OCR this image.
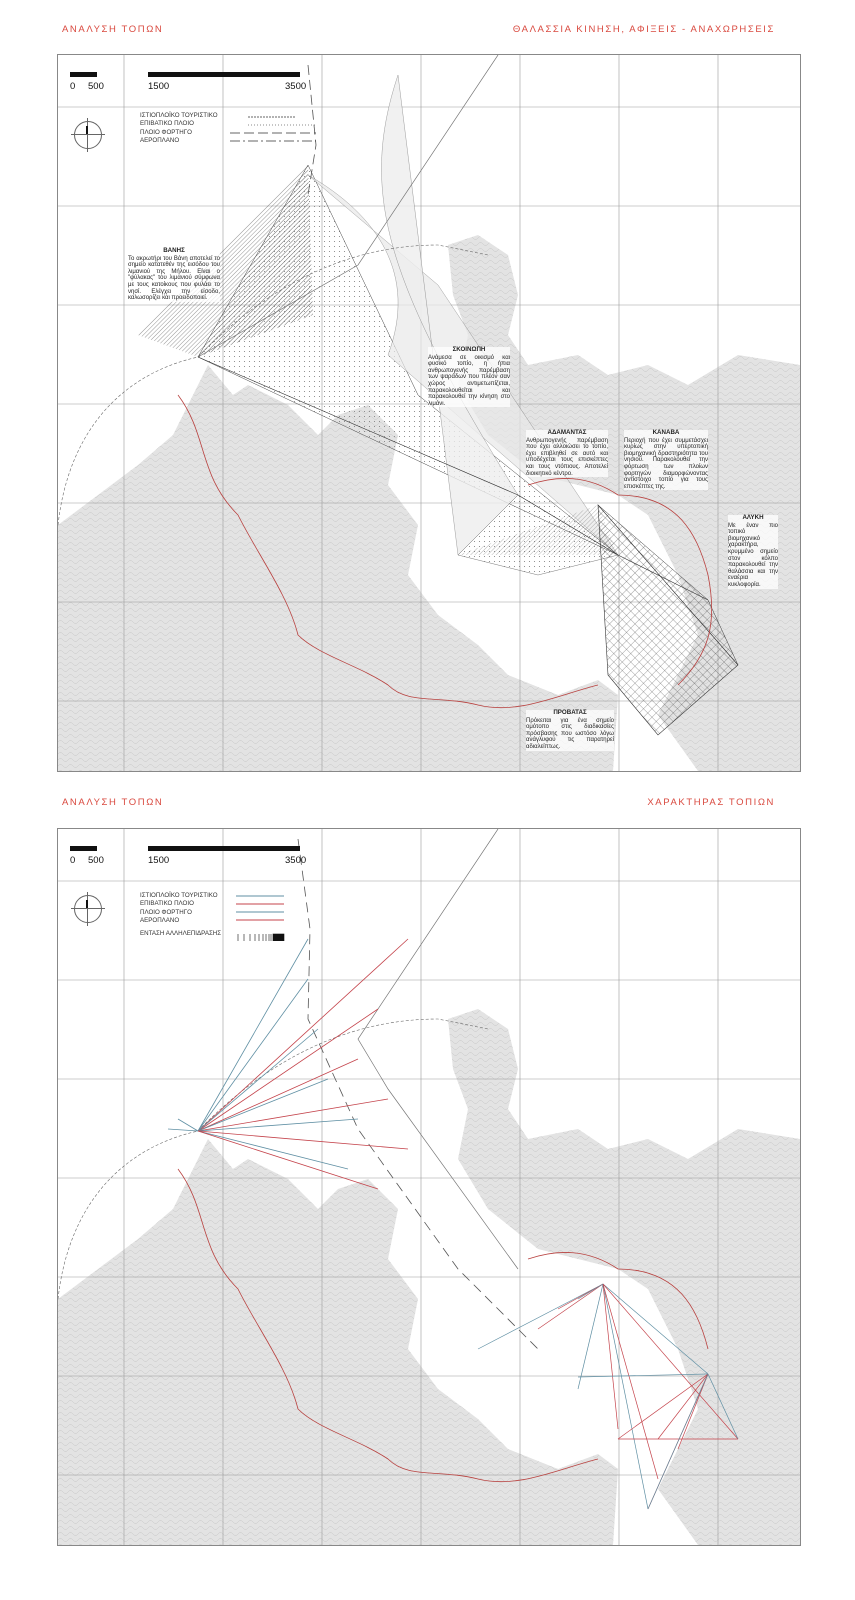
ΑΝΑΛΥΣΗ ΤΟΠΩΝ	ΘΑΛΑΣΣΙΑ ΚΙΝΗΣΗ, ΑΦΙΞΕΙΣ - ΑΝΑΧΩΡΗΣΕΙΣ
0 500	1500	3500
ΙΣΤΙΟΠΛΟΪΚΟ ΤΟΥΡΙΣΤΙΚΟ
ΕΠΙΒΑΤΙΚΟ ΠΛΟΙΟ
ΠΛΟΙΟ ΦΟΡΤΗΓΟ
ΑΕΡΟΠΛΑΝΟ
ΒΑΝΗΣ
Το ακρωτήρι του Βάνη αποτελεί το σημείο κατατεθέν της εισόδου του λιμανιού της Μήλου. Είναι ο "φύλακας" του λιμανιού σύμφωνα με τους κατοίκους που φυλάει το νησί. Ελέγχει την είσοδο, καλωσορίζει και προειδοποιεί.
ΣΚΟΙΝΩΠΗ
Ανάμεσα σε οικισμό και φυσικό τοπίο, η ήπια ανθρωπογενής παρέμβαση των ψαράδων που πλέον σαν χώρος αντιμετωπίζεται, παρακολουθείται και παρακολουθεί την κίνηση στο λιμάνι.
ΑΔΑΜΑΝΤΑΣ
Ανθρωπογενής παρέμβαση που έχει αλλοιώσει το τοπίο, έχει επιβληθεί σε αυτό και υποδέχεται τους επισκέπτες και τους ντόπιους. Αποτελεί διοικητικό κέντρο.
ΚΑΝΑΒΑ
Περιοχή που έχει συμμετάσχει κυρίως στην υπερτοπική βιομηχανική δραστηριότητα του νησιού. Παρακολουθεί την φόρτωση των πλοίων φορτηγών διαμορφώνοντας αντίστοιχο τοπίο για τους επισκέπτες της.
ΑΛΥΚΗ
Με έναν πιο τοπικό βιομηχανικό χαρακτήρα, κρυμμένο σημείο στον κόλπο παρακολουθεί την θαλάσσια και την εναέρια κυκλοφορία.
ΠΡΟΒΑΤΑΣ
Πρόκειται για ένα σημείο ομότοπο στις διαδικασίες πρόσβασης που ωστόσο λόγω ανάγλυφου τις παρατηρεί αδιαλείπτως.
ΑΝΑΛΥΣΗ ΤΟΠΩΝ	ΧΑΡΑΚΤΗΡΑΣ ΤΟΠΙΩΝ
0 500	1500	3500
ΙΣΤΙΟΠΛΟΪΚΟ ΤΟΥΡΙΣΤΙΚΟ
ΕΠΙΒΑΤΙΚΟ ΠΛΟΙΟ
ΠΛΟΙΟ ΦΟΡΤΗΓΟ
ΑΕΡΟΠΛΑΝΟ
ΕΝΤΑΣΗ ΑΛΛΗΛΕΠΙΔΡΑΣΗΣ
